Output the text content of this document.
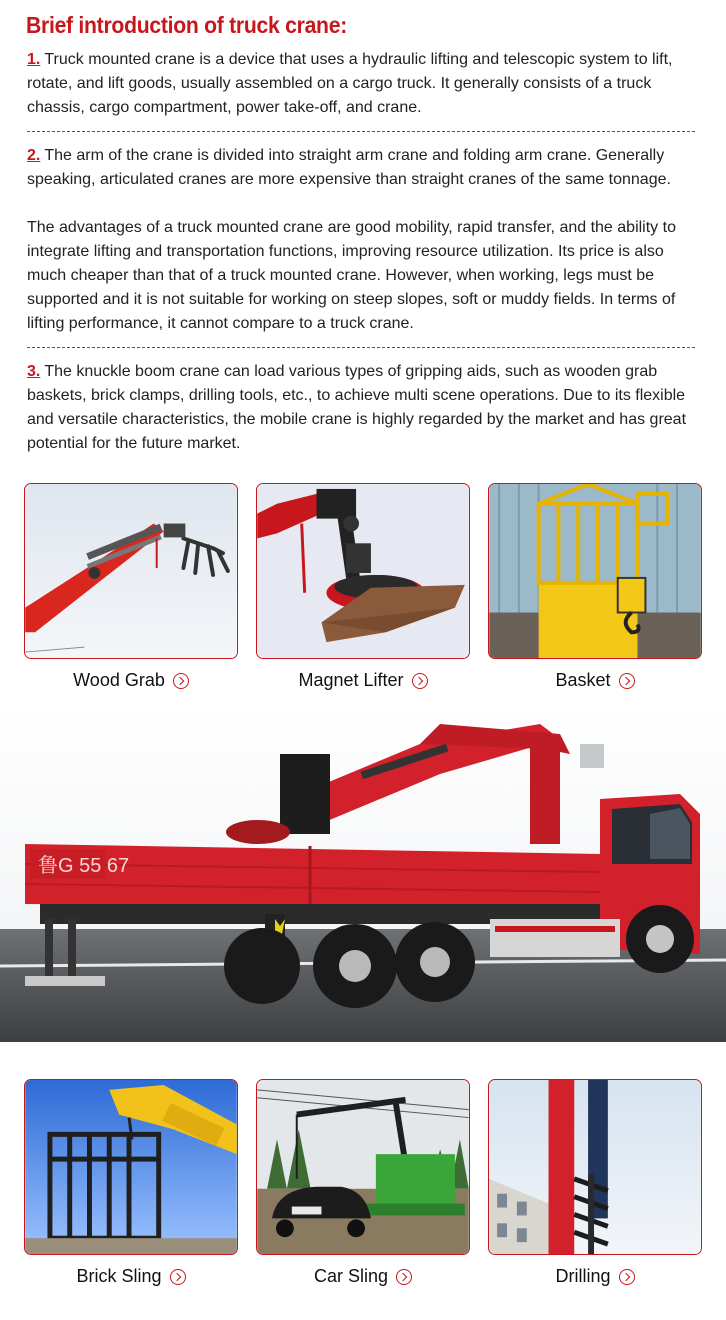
Brief introduction of truck crane:

1. Truck mounted crane is a device that uses a hydraulic lifting and telescopic system to lift, rotate, and lift goods, usually assembled on a cargo truck. It generally consists of a truck chassis, cargo compartment, power take-off, and crane.

2. The arm of the crane is divided into straight arm crane and folding arm crane. Generally speaking, articulated cranes are more expensive than straight cranes of the same tonnage.

The advantages of a truck mounted crane are good mobility, rapid transfer, and the ability to integrate lifting and transportation functions, improving resource utilization. Its price is also much cheaper than that of a truck mounted crane. However, when working, legs must be supported and it is not suitable for working on steep slopes, soft or muddy fields. In terms of lifting performance, it cannot compare to a truck crane.

3. The knuckle boom crane can load various types of gripping aids, such as wooden grab baskets, brick clamps, drilling tools, etc., to achieve multi scene operations. Due to its flexible and versatile characteristics, the mobile crane is highly regarded by the market and has great potential for the future market.

Wood Grab	Magnet Lifter	Basket
鲁G 55 67
Brick Sling	Car Sling	Drilling
